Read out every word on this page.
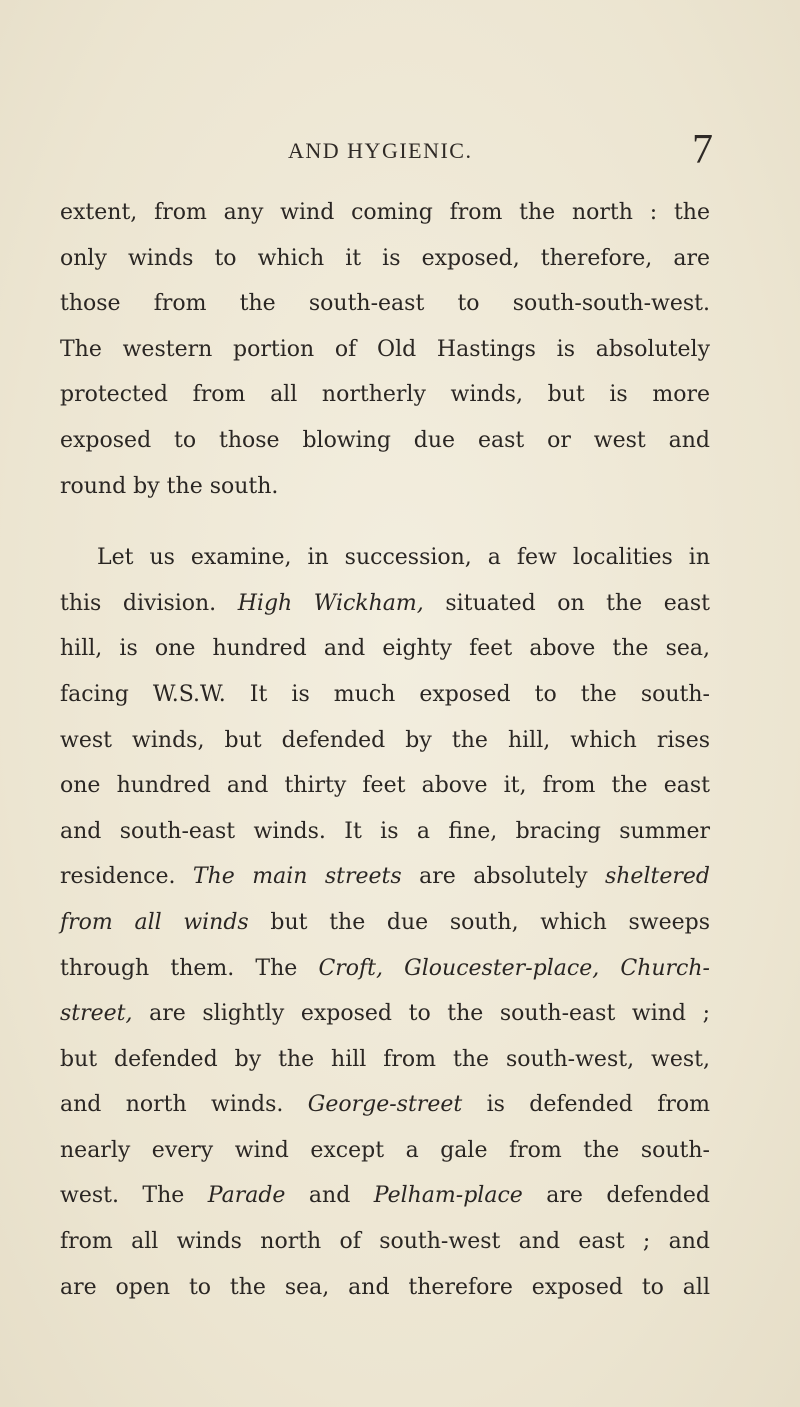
AND HYGIENIC.	7
extent, from any wind coming from the north : the
only winds to which it is exposed, therefore, are
those from the south-east to south-south-west.
The western portion of Old Hastings is absolutely
protected from all northerly winds, but is more
exposed to those blowing due east or west and
round by the south.
Let us examine, in succession, a few localities in
this division. High Wickham, situated on the east
hill, is one hundred and eighty feet above the sea,
facing W.S.W. It is much exposed to the south-
west winds, but defended by the hill, which rises
one hundred and thirty feet above it, from the east
and south-east winds. It is a fine, bracing summer
residence. The main streets are absolutely sheltered
from all winds but the due south, which sweeps
through them. The Croft, Gloucester-place, Church-
street, are slightly exposed to the south-east wind ;
but defended by the hill from the south-west, west,
and north winds. George-street is defended from
nearly every wind except a gale from the south-
west. The Parade and Pelham-place are defended
from all winds north of south-west and east ; and
are open to the sea, and therefore exposed to all
